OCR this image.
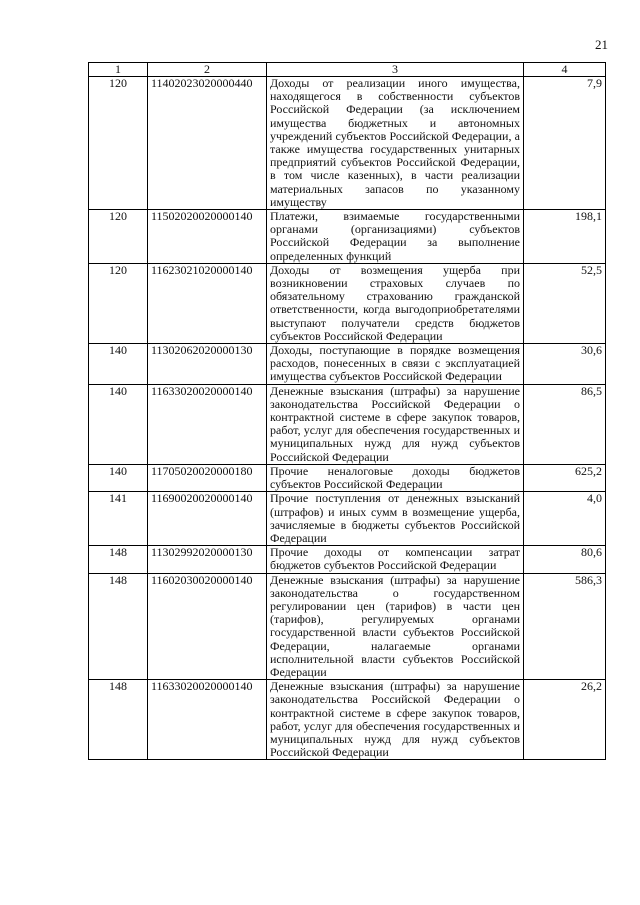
21
1	2	3	4
120	11402023020000440	Доходы от реализации иного имущества, находящегося в собственности субъектов Российской Федерации (за исключением имущества бюджетных и автономных учреждений субъектов Российской Федерации, а также имущества государственных унитарных предприятий субъектов Российской Федерации, в том числе казенных), в части реализации материальных запасов по указанному имуществу	7,9
120	11502020020000140	Платежи, взимаемые государственными органами (организациями) субъектов Российской Федерации за выполнение определенных функций	198,1
120	11623021020000140	Доходы от возмещения ущерба при возникновении страховых случаев по обязательному страхованию гражданской ответственности, когда выгодоприобретателями выступают получатели средств бюджетов субъектов Российской Федерации	52,5
140	11302062020000130	Доходы, поступающие в порядке возмещения расходов, понесенных в связи с эксплуатацией имущества субъектов Российской Федерации	30,6
140	11633020020000140	Денежные взыскания (штрафы) за нарушение законодательства Российской Федерации о контрактной системе в сфере закупок товаров, работ, услуг для обеспечения государственных и муниципальных нужд для нужд субъектов Российской Федерации	86,5
140	11705020020000180	Прочие неналоговые доходы бюджетов субъектов Российской Федерации	625,2
141	11690020020000140	Прочие поступления от денежных взысканий (штрафов) и иных сумм в возмещение ущерба, зачисляемые в бюджеты субъектов Российской Федерации	4,0
148	11302992020000130	Прочие доходы от компенсации затрат бюджетов субъектов Российской Федерации	80,6
148	11602030020000140	Денежные взыскания (штрафы) за нарушение законодательства о государственном регулировании цен (тарифов) в части цен (тарифов), регулируемых органами государственной власти субъектов Российской Федерации, налагаемые органами исполнительной власти субъектов Российской Федерации	586,3
148	11633020020000140	Денежные взыскания (штрафы) за нарушение законодательства Российской Федерации о контрактной системе в сфере закупок товаров, работ, услуг для обеспечения государственных и муниципальных нужд для нужд субъектов Российской Федерации	26,2
